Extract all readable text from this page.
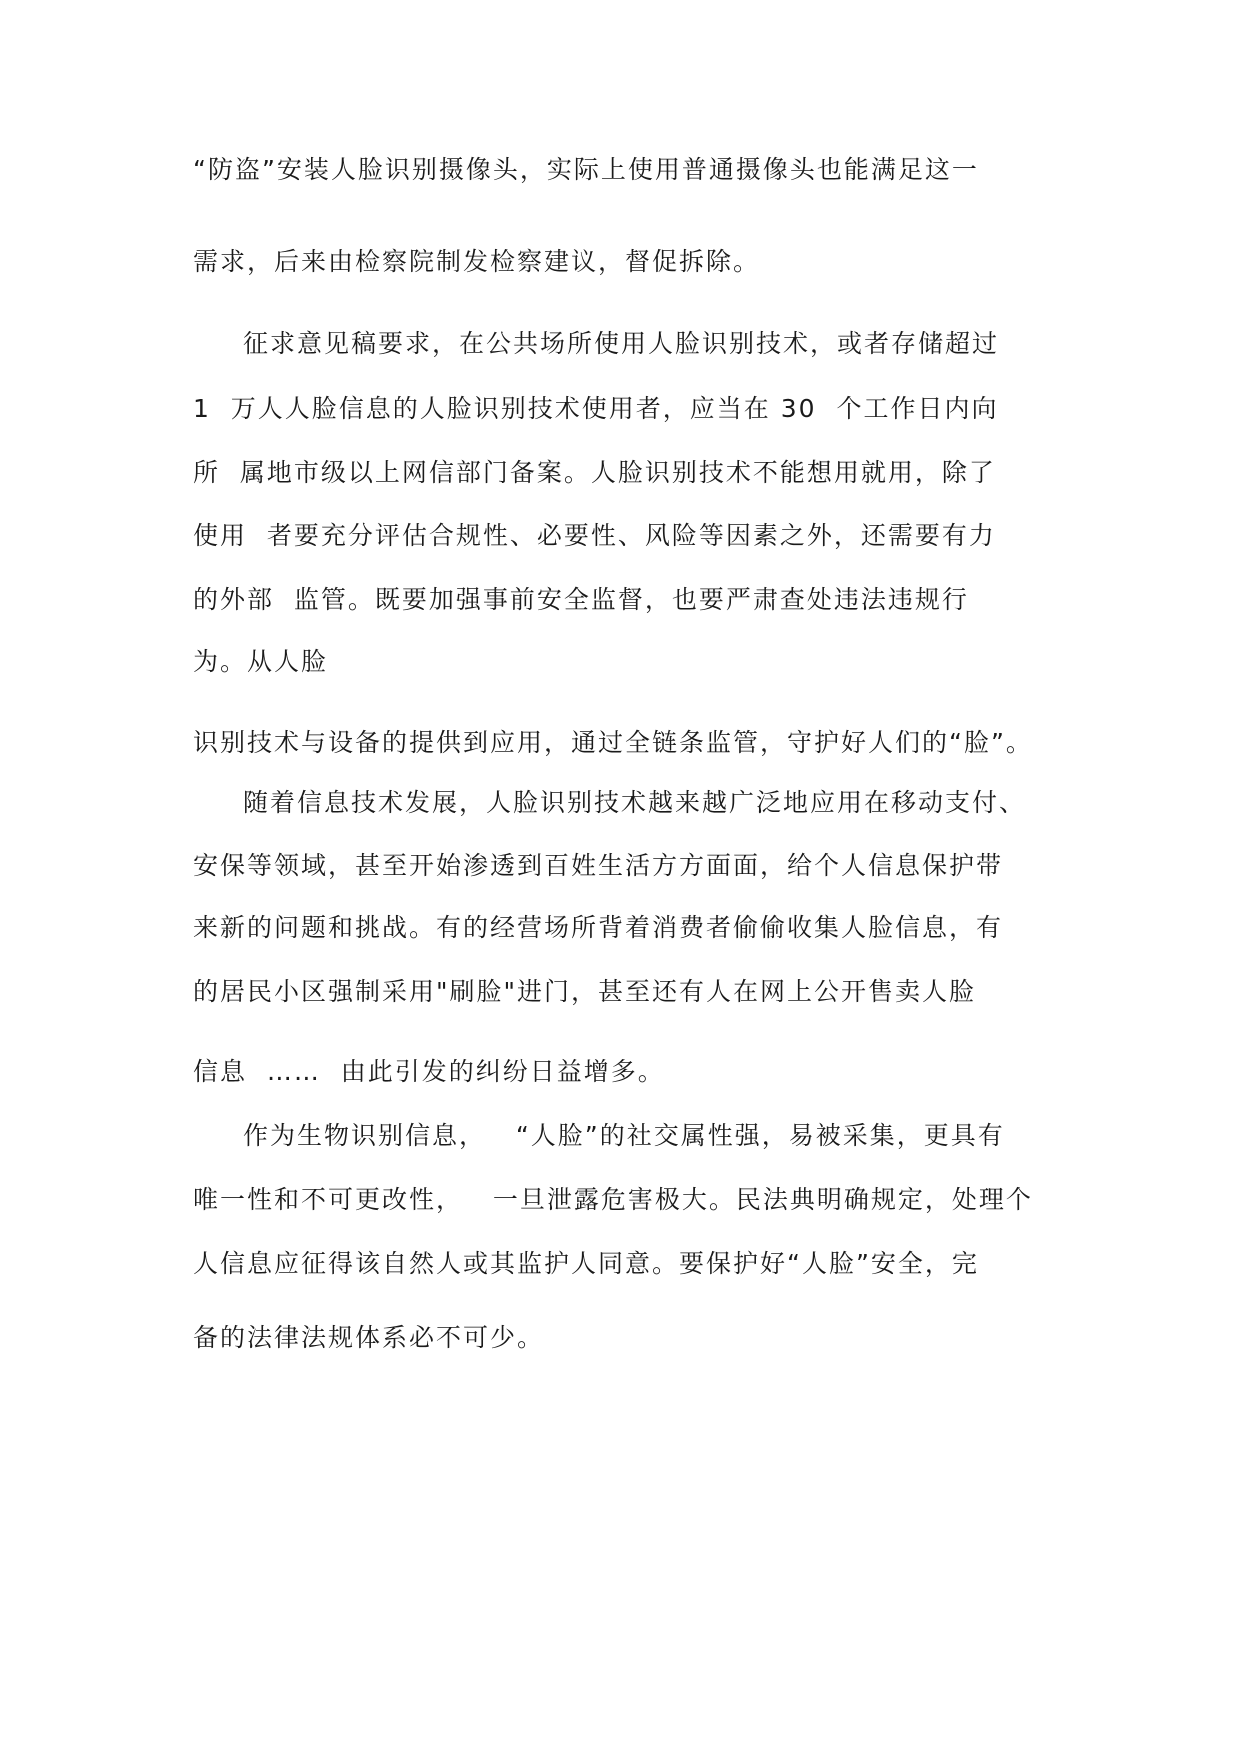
“防盗”安装人脸识别摄像头，实际上使用普通摄像头也能满足这一

需求，后来由检察院制发检察建议，督促拆除。

征求意见稿要求，在公共场所使用人脸识别技术，或者存储超过

1  万人人脸信息的人脸识别技术使用者，应当在 30  个工作日内向

所  属地市级以上网信部门备案。人脸识别技术不能想用就用，除了

使用  者要充分评估合规性、必要性、风险等因素之外，还需要有力

的外部  监管。既要加强事前安全监督，也要严肃查处违法违规行

为。从人脸

识别技术与设备的提供到应用，通过全链条监管，守护好人们的“脸”。

随着信息技术发展，人脸识别技术越来越广泛地应用在移动支付、

安保等领域，甚至开始渗透到百姓生活方方面面，给个人信息保护带

来新的问题和挑战。有的经营场所背着消费者偷偷收集人脸信息，有

的居民小区强制采用"刷脸"进门，甚至还有人在网上公开售卖人脸

信息  ……  由此引发的纠纷日益增多。

作为生物识别信息，   “人脸”的社交属性强，易被采集，更具有

唯一性和不可更改性，   一旦泄露危害极大。民法典明确规定，处理个

人信息应征得该自然人或其监护人同意。要保护好“人脸”安全，完

备的法律法规体系必不可少。
